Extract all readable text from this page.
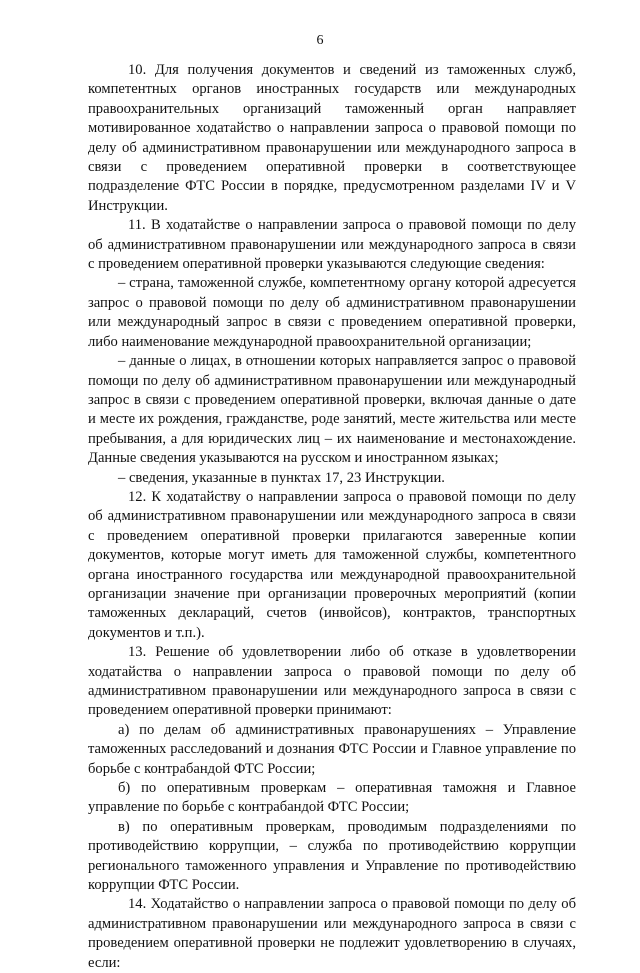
6

10. Для получения документов и сведений из таможенных служб, компетентных органов иностранных государств или международных правоохранительных организаций таможенный орган направляет мотивированное ходатайство о направлении запроса о правовой помощи по делу об административном правонарушении или международного запроса в связи с проведением оперативной проверки в соответствующее подразделение ФТС России в порядке, предусмотренном разделами IV и V Инструкции.

11. В ходатайстве о направлении запроса о правовой помощи по делу об административном правонарушении или международного запроса в связи с проведением оперативной проверки указываются следующие сведения:

– страна, таможенной службе, компетентному органу которой адресуется запрос о правовой помощи по делу об административном правонарушении или международный запрос в связи с проведением оперативной проверки, либо наименование международной правоохранительной организации;

– данные о лицах, в отношении которых направляется запрос о правовой помощи по делу об административном правонарушении или международный запрос в связи с проведением оперативной проверки, включая данные о дате и месте их рождения, гражданстве, роде занятий, месте жительства или месте пребывания, а для юридических лиц – их наименование и местонахождение. Данные сведения указываются на русском и иностранном языках;

– сведения, указанные в пунктах 17, 23 Инструкции.

12. К ходатайству о направлении запроса о правовой помощи по делу об административном правонарушении или международного запроса в связи с проведением оперативной проверки прилагаются заверенные копии документов, которые могут иметь для таможенной службы, компетентного органа иностранного государства или международной правоохранительной организации значение при организации проверочных мероприятий (копии таможенных деклараций, счетов (инвойсов), контрактов, транспортных документов и т.п.).

13. Решение об удовлетворении либо об отказе в удовлетворении ходатайства о направлении запроса о правовой помощи по делу об административном правонарушении или международного запроса в связи с проведением оперативной проверки принимают:

а) по делам об административных правонарушениях – Управление таможенных расследований и дознания ФТС России и Главное управление по борьбе с контрабандой ФТС России;

б) по оперативным проверкам – оперативная таможня и Главное управление по борьбе с контрабандой ФТС России;

в) по оперативным проверкам, проводимым подразделениями по противодействию коррупции, – служба по противодействию коррупции регионального таможенного управления и Управление по противодействию коррупции ФТС России.

14. Ходатайство о направлении запроса о правовой помощи по делу об административном правонарушении или международного запроса в связи с проведением оперативной проверки не подлежит удовлетворению в случаях, если:
